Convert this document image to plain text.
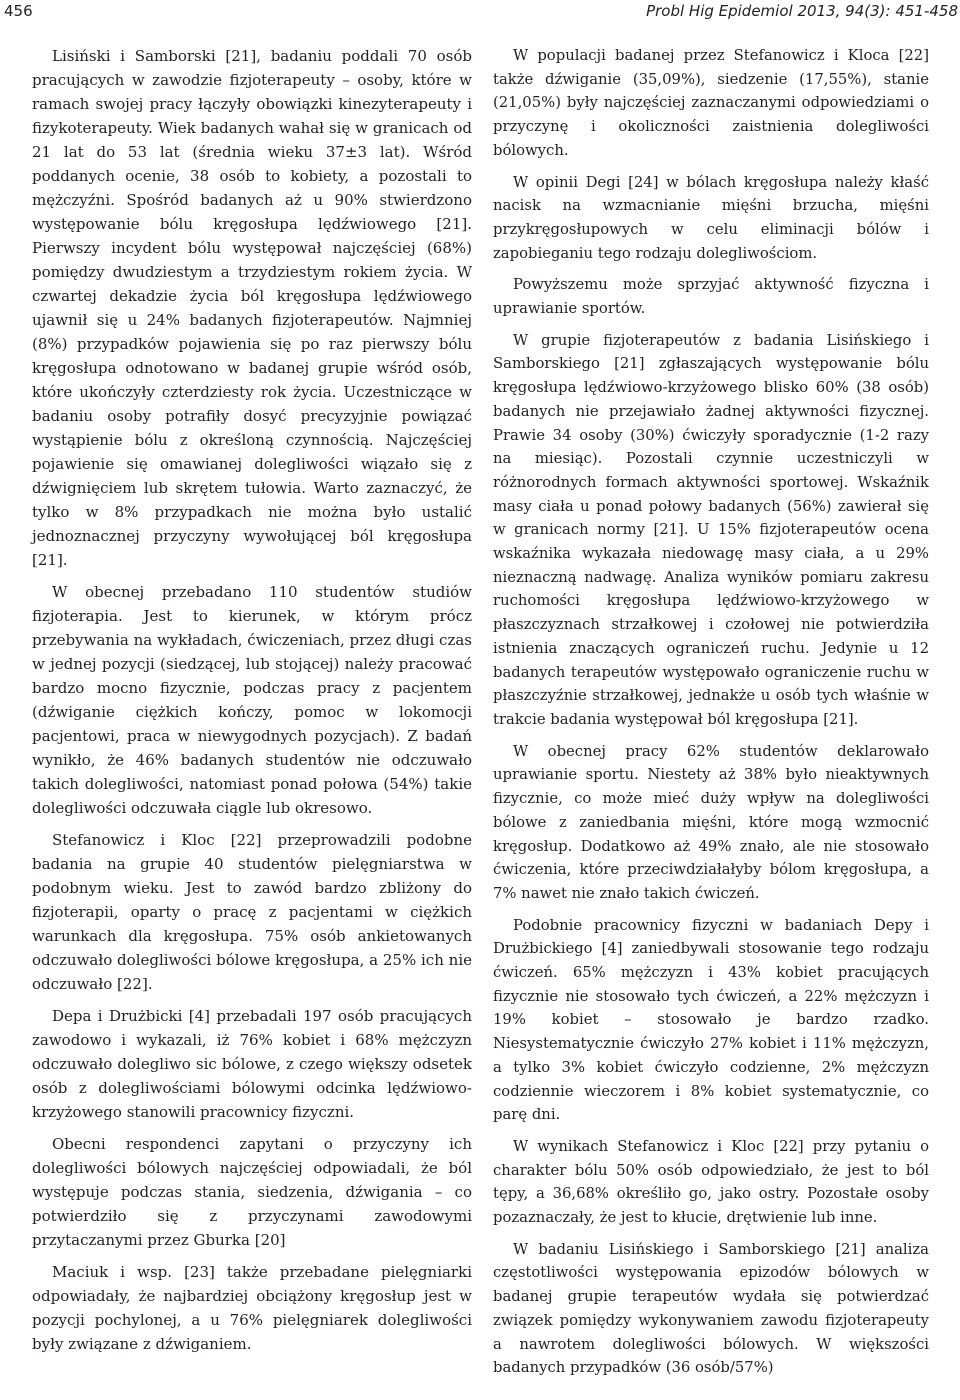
456	Probl Hig Epidemiol 2013, 94(3): 451-458

Lisiński i Samborski [21], badaniu poddali 70 osób pracujących w zawodzie fizjoterapeuty – osoby, które w ramach swojej pracy łączyły obowiązki kinezyterapeuty i fizykoterapeuty. Wiek badanych wahał się w granicach od 21 lat do 53 lat (średnia wieku 37±3 lat). Wśród poddanych ocenie, 38 osób to kobiety, a pozostali to mężczyźni. Spośród badanych aż u 90% stwierdzono występowanie bólu kręgosłupa lędźwiowego [21]. Pierwszy incydent bólu występował najczęściej (68%) pomiędzy dwudziestym a trzydziestym rokiem życia. W czwartej dekadzie życia ból kręgosłupa lędźwiowego ujawnił się u 24% badanych fizjoterapeutów. Najmniej (8%) przypadków pojawienia się po raz pierwszy bólu kręgosłupa odnotowano w badanej grupie wśród osób, które ukończyły czterdziesty rok życia. Uczestniczące w badaniu osoby potrafiły dosyć precyzyjnie powiązać wystąpienie bólu z określoną czynnością. Najczęściej pojawienie się omawianej dolegliwości wiązało się z dźwignięciem lub skrętem tułowia. Warto zaznaczyć, że tylko w 8% przypadkach nie można było ustalić jednoznacznej przyczyny wywołującej ból kręgosłupa [21].

W obecnej przebadano 110 studentów studiów fizjoterapia. Jest to kierunek, w którym prócz przebywania na wykładach, ćwiczeniach, przez długi czas w jednej pozycji (siedzącej, lub stojącej) należy pracować bardzo mocno fizycznie, podczas pracy z pacjentem (dźwiganie ciężkich kończy, pomoc w lokomocji pacjentowi, praca w niewygodnych pozycjach). Z badań wynikło, że 46% badanych studentów nie odczuwało takich dolegliwości, natomiast ponad połowa (54%) takie dolegliwości odczuwała ciągle lub okresowo.

Stefanowicz i Kloc [22] przeprowadzili podobne badania na grupie 40 studentów pielęgniarstwa w podobnym wieku. Jest to zawód bardzo zbliżony do fizjoterapii, oparty o pracę z pacjentami w ciężkich warunkach dla kręgosłupa. 75% osób ankietowanych odczuwało dolegliwości bólowe kręgosłupa, a 25% ich nie odczuwało [22].

Depa i Drużbicki [4] przebadali 197 osób pracujących zawodowo i wykazali, iż 76% kobiet i 68% mężczyzn odczuwało dolegliwo sic bólowe, z czego większy odsetek osób z dolegliwościami bólowymi odcinka lędźwiowo-krzyżowego stanowili pracownicy fizyczni.

Obecni respondenci zapytani o przyczyny ich dolegliwości bólowych najczęściej odpowiadali, że ból występuje podczas stania, siedzenia, dźwigania – co potwierdziło się z przyczynami zawodowymi przytaczanymi przez Gburka [20]

Maciuk i wsp. [23] także przebadane pielęgniarki odpowiadały, że najbardziej obciążony kręgosłup jest w pozycji pochylonej, a u 76% pielęgniarek dolegliwości były związane z dźwiganiem.

W populacji badanej przez Stefanowicz i Kloca [22] także dźwiganie (35,09%), siedzenie (17,55%), stanie (21,05%) były najczęściej zaznaczanymi odpowiedziami o przyczynę i okoliczności zaistnienia dolegliwości bólowych.

W opinii Degi [24] w bólach kręgosłupa należy kłaść nacisk na wzmacnianie mięśni brzucha, mięśni przykręgosłupowych w celu eliminacji bólów i zapobieganiu tego rodzaju dolegliwościom.

Powyższemu może sprzyjać aktywność fizyczna i uprawianie sportów.

W grupie fizjoterapeutów z badania Lisińskiego i Samborskiego [21] zgłaszających występowanie bólu kręgosłupa lędźwiowo-krzyżowego blisko 60% (38 osób) badanych nie przejawiało żadnej aktywności fizycznej. Prawie 34 osoby (30%) ćwiczyły sporadycznie (1-2 razy na miesiąc). Pozostali czynnie uczestniczyli w różnorodnych formach aktywności sportowej. Wskaźnik masy ciała u ponad połowy badanych (56%) zawierał się w granicach normy [21]. U 15% fizjoterapeutów ocena wskaźnika wykazała niedowagę masy ciała, a u 29% nieznaczną nadwagę. Analiza wyników pomiaru zakresu ruchomości kręgosłupa lędźwiowo-krzyżowego w płaszczyznach strzałkowej i czołowej nie potwierdziła istnienia znaczących ograniczeń ruchu. Jedynie u 12 badanych terapeutów występowało ograniczenie ruchu w płaszczyźnie strzałkowej, jednakże u osób tych właśnie w trakcie badania występował ból kręgosłupa [21].

W obecnej pracy 62% studentów deklarowało uprawianie sportu. Niestety aż 38% było nieaktywnych fizycznie, co może mieć duży wpływ na dolegliwości bólowe z zaniedbania mięśni, które mogą wzmocnić kręgosłup. Dodatkowo aż 49% znało, ale nie stosowało ćwiczenia, które przeciwdziałałyby bólom kręgosłupa, a 7% nawet nie znało takich ćwiczeń.

Podobnie pracownicy fizyczni w badaniach Depy i Drużbickiego [4] zaniedbywali stosowanie tego rodzaju ćwiczeń. 65% mężczyzn i 43% kobiet pracujących fizycznie nie stosowało tych ćwiczeń, a 22% mężczyzn i 19% kobiet – stosowało je bardzo rzadko. Niesystematycznie ćwiczyło 27% kobiet i 11% mężczyzn, a tylko 3% kobiet ćwiczyło codzienne, 2% mężczyzn codziennie wieczorem i 8% kobiet systematycznie, co parę dni.

W wynikach Stefanowicz i Kloc [22] przy pytaniu o charakter bólu 50% osób odpowiedziało, że jest to ból tępy, a 36,68% określiło go, jako ostry. Pozostałe osoby pozaznaczały, że jest to kłucie, drętwienie lub inne.

W badaniu Lisińskiego i Samborskiego [21] analiza częstotliwości występowania epizodów bólowych w badanej grupie terapeutów wydała się potwierdzać związek pomiędzy wykonywaniem zawodu fizjoterapeuty a nawrotem dolegliwości bólowych. W większości badanych przypadków (36 osób/57%)
